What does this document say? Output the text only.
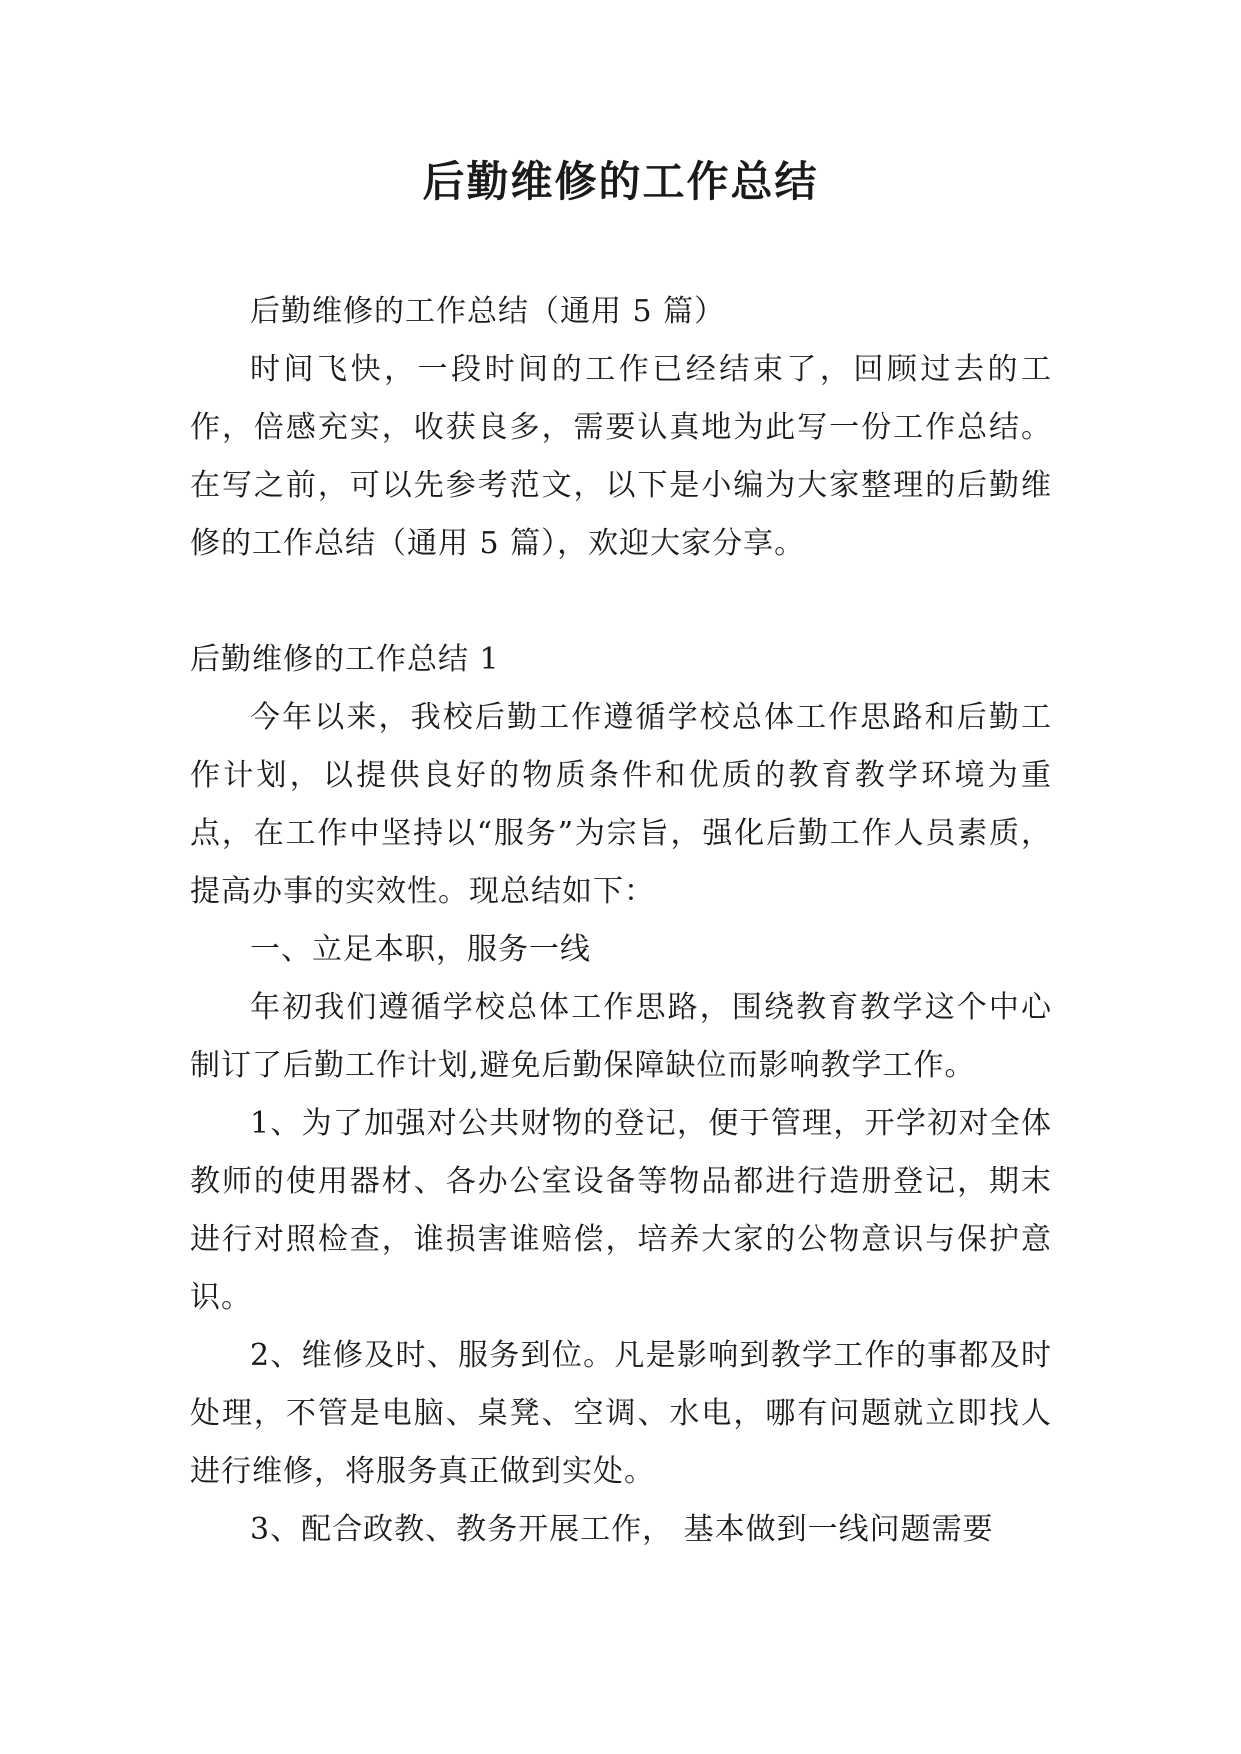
后勤维修的工作总结

后勤维修的工作总结（通用 5 篇）

时间飞快，一段时间的工作已经结束了，回顾过去的工作，倍感充实，收获良多，需要认真地为此写一份工作总结。在写之前，可以先参考范文，以下是小编为大家整理的后勤维修的工作总结（通用 5 篇），欢迎大家分享。

后勤维修的工作总结 1

今年以来，我校后勤工作遵循学校总体工作思路和后勤工作计划，以提供良好的物质条件和优质的教育教学环境为重点，在工作中坚持以“服务”为宗旨，强化后勤工作人员素质，提高办事的实效性。现总结如下：

一、立足本职，服务一线

年初我们遵循学校总体工作思路，围绕教育教学这个中心制订了后勤工作计划,避免后勤保障缺位而影响教学工作。

1、为了加强对公共财物的登记，便于管理，开学初对全体教师的使用器材、各办公室设备等物品都进行造册登记，期末进行对照检查，谁损害谁赔偿，培养大家的公物意识与保护意识。

2、维修及时、服务到位。凡是影响到教学工作的事都及时处理，不管是电脑、桌凳、空调、水电，哪有问题就立即找人进行维修，将服务真正做到实处。

3、配合政教、教务开展工作， 基本做到一线问题需要
